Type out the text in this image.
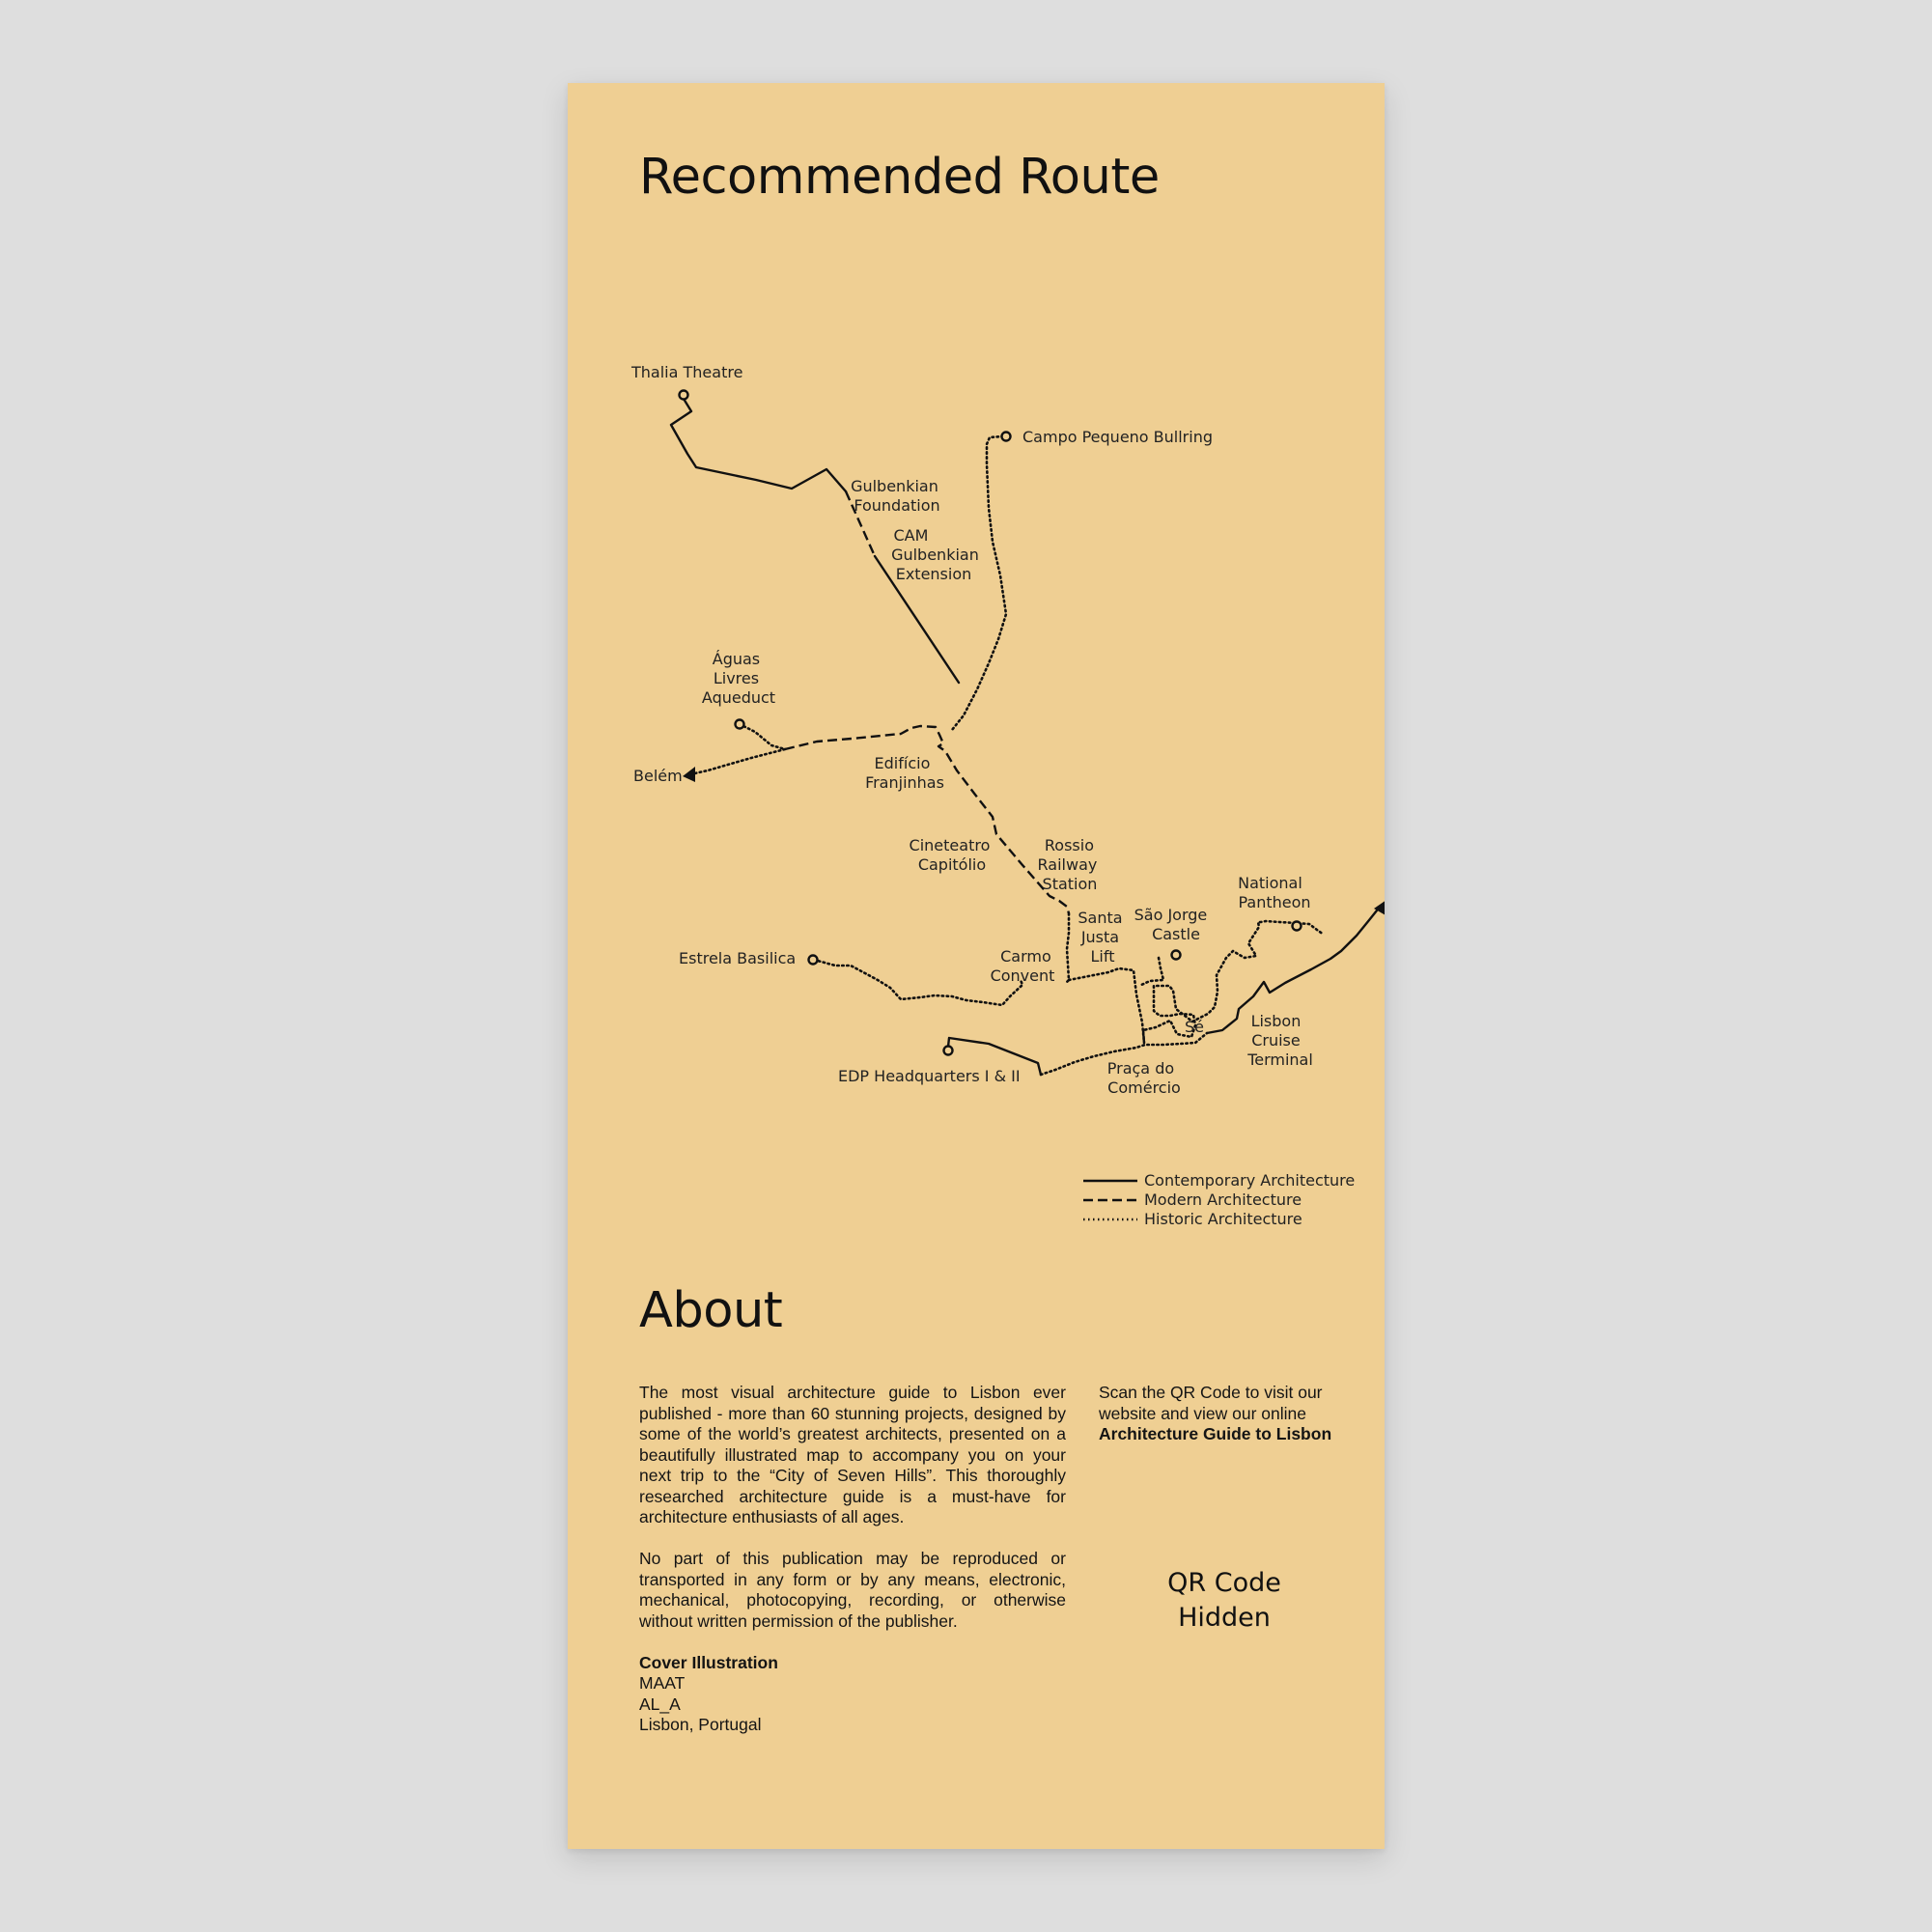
Recommended Route
Thalia Theatre
Campo Pequeno Bullring
Gulbenkian Foundation
CAM Gulbenkian Extension
Águas Livres Aqueduct
Belém
Edifício Franjinhas
Cineteatro Capitólio
Rossio Railway Station
Santa Justa Lift
São Jorge Castle
National Pantheon
Estrela Basilica	Carmo Convent
Sé	Lisbon Cruise Terminal
EDP Headquarters I & II	Praça do Comércio
Contemporary Architecture
Modern Architecture
Historic Architecture
About

The most visual architecture guide to Lisbon ever published - more than 60 stunning projects, designed by some of the world’s greatest architects, presented on a beautifully illustrated map to accompany you on your next trip to the “City of Seven Hills”. This thoroughly researched architecture guide is a must-have for architecture enthusiasts of all ages.

No part of this publication may be reproduced or transported in any form or by any means, electronic, mechanical, photocopying, recording, or otherwise without written permission of the publisher.

Cover Illustration
MAAT
AL_A
Lisbon, Portugal
Scan the QR Code to visit our website and view our online Architecture Guide to Lisbon
QR Code
Hidden
